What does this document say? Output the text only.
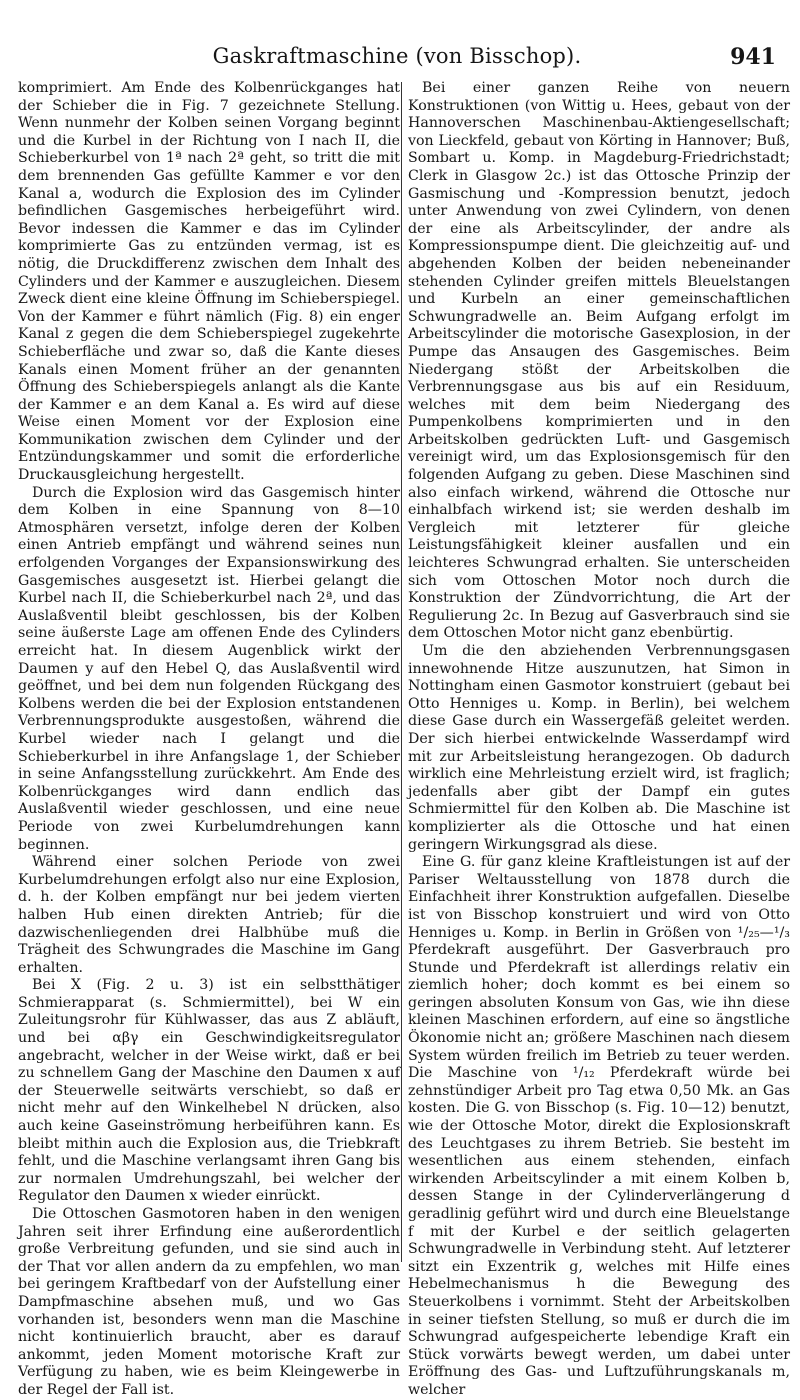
Gaskraftmaschine (von Bisschop).	941

komprimiert. Am Ende des Kolbenrückganges hat der Schieber die in Fig. 7 gezeichnete Stellung. Wenn nunmehr der Kolben seinen Vorgang beginnt und die Kurbel in der Richtung von I nach II, die Schieberkurbel von 1ª nach 2ª geht, so tritt die mit dem brennenden Gas gefüllte Kammer e vor den Kanal a, wodurch die Explosion des im Cylinder befindlichen Gasgemisches herbeigeführt wird. Bevor indessen die Kammer e das im Cylinder komprimierte Gas zu entzünden vermag, ist es nötig, die Druckdifferenz zwischen dem Inhalt des Cylinders und der Kammer e auszugleichen. Diesem Zweck dient eine kleine Öffnung im Schieberspiegel. Von der Kammer e führt nämlich (Fig. 8) ein enger Kanal z gegen die dem Schieberspiegel zugekehrte Schieberfläche und zwar so, daß die Kante dieses Kanals einen Moment früher an der genannten Öffnung des Schieberspiegels anlangt als die Kante der Kammer e an dem Kanal a. Es wird auf diese Weise einen Moment vor der Explosion eine Kommunikation zwischen dem Cylinder und der Entzündungskammer und somit die erforderliche Druckausgleichung hergestellt.

Durch die Explosion wird das Gasgemisch hinter dem Kolben in eine Spannung von 8—10 Atmosphären versetzt, infolge deren der Kolben einen Antrieb empfängt und während seines nun erfolgenden Vorganges der Expansionswirkung des Gasgemisches ausgesetzt ist. Hierbei gelangt die Kurbel nach II, die Schieberkurbel nach 2ª, und das Auslaßventil bleibt geschlossen, bis der Kolben seine äußerste Lage am offenen Ende des Cylinders erreicht hat. In diesem Augenblick wirkt der Daumen y auf den Hebel Q, das Auslaßventil wird geöffnet, und bei dem nun folgenden Rückgang des Kolbens werden die bei der Explosion entstandenen Verbrennungsprodukte ausgestoßen, während die Kurbel wieder nach I gelangt und die Schieberkurbel in ihre Anfangslage 1, der Schieber in seine Anfangsstellung zurückkehrt. Am Ende des Kolbenrückganges wird dann endlich das Auslaßventil wieder geschlossen, und eine neue Periode von zwei Kurbelumdrehungen kann beginnen.

Während einer solchen Periode von zwei Kurbelumdrehungen erfolgt also nur eine Explosion, d. h. der Kolben empfängt nur bei jedem vierten halben Hub einen direkten Antrieb; für die dazwischenliegenden drei Halbhübe muß die Trägheit des Schwungrades die Maschine im Gang erhalten.

Bei X (Fig. 2 u. 3) ist ein selbstthätiger Schmierapparat (s. Schmiermittel), bei W ein Zuleitungsrohr für Kühlwasser, das aus Z abläuft, und bei αβγ ein Geschwindigkeitsregulator angebracht, welcher in der Weise wirkt, daß er bei zu schnellem Gang der Maschine den Daumen x auf der Steuerwelle seitwärts verschiebt, so daß er nicht mehr auf den Winkelhebel N drücken, also auch keine Gaseinströmung herbeiführen kann. Es bleibt mithin auch die Explosion aus, die Triebkraft fehlt, und die Maschine verlangsamt ihren Gang bis zur normalen Umdrehungszahl, bei welcher der Regulator den Daumen x wieder einrückt.

Die Ottoschen Gasmotoren haben in den wenigen Jahren seit ihrer Erfindung eine außerordentlich große Verbreitung gefunden, und sie sind auch in der That vor allen andern da zu empfehlen, wo man bei geringem Kraftbedarf von der Aufstellung einer Dampfmaschine absehen muß, und wo Gas vorhanden ist, besonders wenn man die Maschine nicht kontinuierlich braucht, aber es darauf ankommt, jeden Moment motorische Kraft zur Verfügung zu haben, wie es beim Kleingewerbe in der Regel der Fall ist.

Bei einer ganzen Reihe von neuern Konstruktionen (von Wittig u. Hees, gebaut von der Hannoverschen Maschinenbau-Aktiengesellschaft; von Lieckfeld, gebaut von Körting in Hannover; Buß, Sombart u. Komp. in Magdeburg-Friedrichstadt; Clerk in Glasgow 2c.) ist das Ottosche Prinzip der Gasmischung und -Kompression benutzt, jedoch unter Anwendung von zwei Cylindern, von denen der eine als Arbeitscylinder, der andre als Kompressionspumpe dient. Die gleichzeitig auf- und abgehenden Kolben der beiden nebeneinander stehenden Cylinder greifen mittels Bleuelstangen und Kurbeln an einer gemeinschaftlichen Schwungradwelle an. Beim Aufgang erfolgt im Arbeitscylinder die motorische Gasexplosion, in der Pumpe das Ansaugen des Gasgemisches. Beim Niedergang stößt der Arbeitskolben die Verbrennungsgase aus bis auf ein Residuum, welches mit dem beim Niedergang des Pumpenkolbens komprimierten und in den Arbeitskolben gedrückten Luft- und Gasgemisch vereinigt wird, um das Explosionsgemisch für den folgenden Aufgang zu geben. Diese Maschinen sind also einfach wirkend, während die Ottosche nur einhalbfach wirkend ist; sie werden deshalb im Vergleich mit letzterer für gleiche Leistungsfähigkeit kleiner ausfallen und ein leichteres Schwungrad erhalten. Sie unterscheiden sich vom Ottoschen Motor noch durch die Konstruktion der Zündvorrichtung, die Art der Regulierung 2c. In Bezug auf Gasverbrauch sind sie dem Ottoschen Motor nicht ganz ebenbürtig.

Um die den abziehenden Verbrennungsgasen innewohnende Hitze auszunutzen, hat Simon in Nottingham einen Gasmotor konstruiert (gebaut bei Otto Henniges u. Komp. in Berlin), bei welchem diese Gase durch ein Wassergefäß geleitet werden. Der sich hierbei entwickelnde Wasserdampf wird mit zur Arbeitsleistung herangezogen. Ob dadurch wirklich eine Mehrleistung erzielt wird, ist fraglich; jedenfalls aber gibt der Dampf ein gutes Schmiermittel für den Kolben ab. Die Maschine ist komplizierter als die Ottosche und hat einen geringern Wirkungsgrad als diese.

Eine G. für ganz kleine Kraftleistungen ist auf der Pariser Weltausstellung von 1878 durch die Einfachheit ihrer Konstruktion aufgefallen. Dieselbe ist von Bisschop konstruiert und wird von Otto Henniges u. Komp. in Berlin in Größen von ¹/₂₅—¹/₃ Pferdekraft ausgeführt. Der Gasverbrauch pro Stunde und Pferdekraft ist allerdings relativ ein ziemlich hoher; doch kommt es bei einem so geringen absoluten Konsum von Gas, wie ihn diese kleinen Maschinen erfordern, auf eine so ängstliche Ökonomie nicht an; größere Maschinen nach diesem System würden freilich im Betrieb zu teuer werden. Die Maschine von ¹/₁₂ Pferdekraft würde bei zehnstündiger Arbeit pro Tag etwa 0,50 Mk. an Gas kosten. Die G. von Bisschop (s. Fig. 10—12) benutzt, wie der Ottosche Motor, direkt die Explosionskraft des Leuchtgases zu ihrem Betrieb. Sie besteht im wesentlichen aus einem stehenden, einfach wirkenden Arbeitscylinder a mit einem Kolben b, dessen Stange in der Cylinderverlängerung d geradlinig geführt wird und durch eine Bleuelstange f mit der Kurbel e der seitlich gelagerten Schwungradwelle in Verbindung steht. Auf letzterer sitzt ein Exzentrik g, welches mit Hilfe eines Hebelmechanismus h die Bewegung des Steuerkolbens i vornimmt. Steht der Arbeitskolben in seiner tiefsten Stellung, so muß er durch die im Schwungrad aufgespeicherte lebendige Kraft ein Stück vorwärts bewegt werden, um dabei unter Eröffnung des Gas- und Luftzuführungskanals m, welcher
